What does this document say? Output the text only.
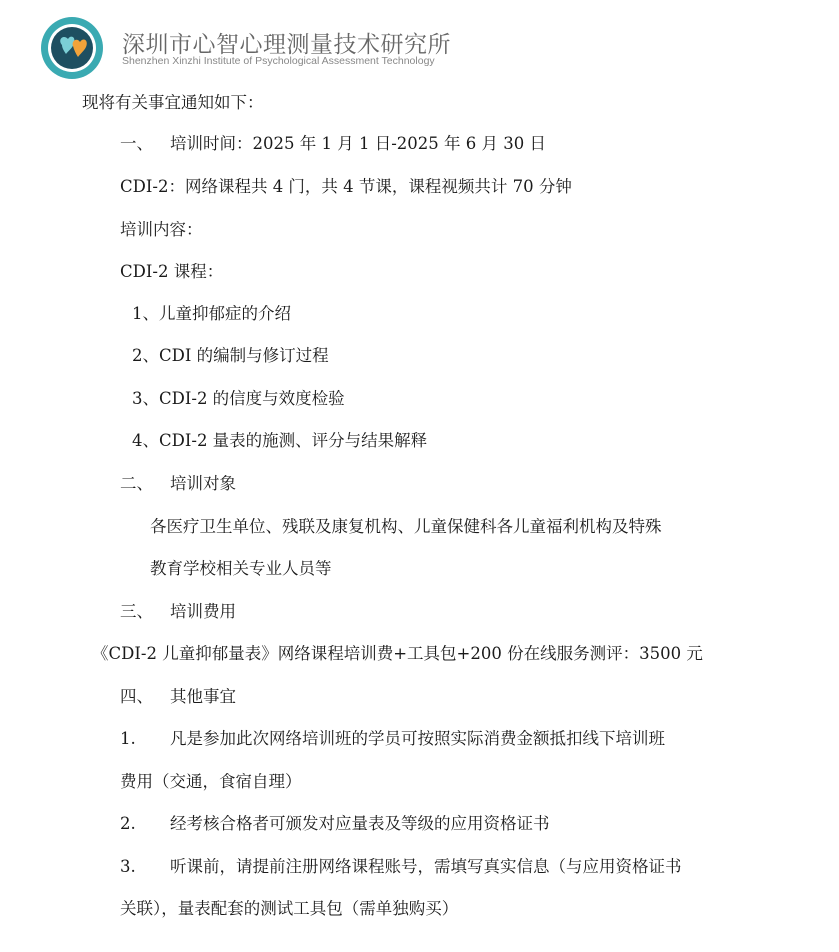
深圳市心智心理测量技术研究所
Shenzhen Xinzhi Institute of Psychological Assessment Technology
现将有关事宜通知如下：
一、 培训时间：2025 年 1 月 1 日-2025 年 6 月 30 日
CDI-2：网络课程共 4 门，共 4 节课，课程视频共计 70 分钟
培训内容：
CDI-2 课程：
1、儿童抑郁症的介绍
2、CDI 的编制与修订过程
3、CDI-2 的信度与效度检验
4、CDI-2 量表的施测、评分与结果解释
二、 培训对象
各医疗卫生单位、残联及康复机构、儿童保健科各儿童福利机构及特殊
教育学校相关专业人员等
三、 培训费用
《CDI-2 儿童抑郁量表》网络课程培训费+工具包+200 份在线服务测评：3500 元
四、 其他事宜
1. 凡是参加此次网络培训班的学员可按照实际消费金额抵扣线下培训班
费用（交通，食宿自理）
2. 经考核合格者可颁发对应量表及等级的应用资格证书
3. 听课前，请提前注册网络课程账号，需填写真实信息（与应用资格证书
关联），量表配套的测试工具包（需单独购买）
